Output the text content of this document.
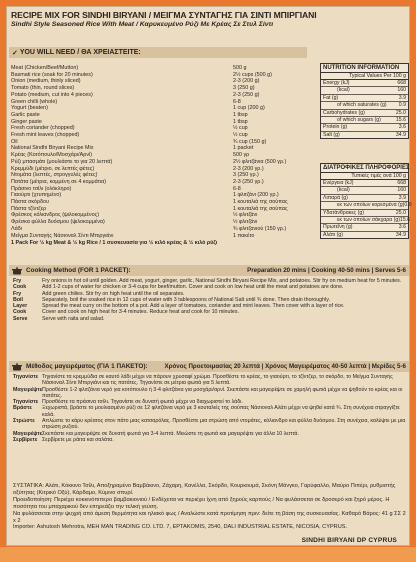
RECIPE MIX FOR SINDHI BIRYANI / ΜΕΙΓΜΑ ΣΥΝΤΑΓΗΣ ΓΙΑ ΣΙΝΤΙ ΜΠΙΡΓΙΑΝΙ
Sindhi Style Seasoned Rice With Meat / Καρυκευμένο Ρύζι Με Κρέας Σε Στυλ Σίντι
✓ YOU WILL NEED / ΘΑ ΧΡΕΙΑΣΤΕΙΤΕ:
Meat (Chicken/Beef/Mutton)	500 g
Basmati rice (soak for 20 minutes)	2½ cups (500 g)
Onion (medium, thinly sliced)	2-3 (200 g)
Tomato (thin, round slices)	3 (250 g)
Potato (medium, cut into 4 pieces)	2-3 (250 g)
Green chilli (whole)	6-8
Yogurt (beaten)	1 cup (200 g)
Garlic paste	1 tbsp
Ginger paste	1 tbsp
Fresh coriander (chopped)	½ cup
Fresh mint leaves (chopped)	½ cup
Oil	¾ cup (150 g)
National Sindhi Biryani Recipe Mix	1 packet
Κρέας (Κοτόπουλο/Μοσχάρι/Αρνί)	500 γρ
Ρύζι μπασμάτι (μουλιάστε το για 20 λεπτά)	2½ φλιτζάνια (500 γρ.)
Κρεμμύδι (μέτριο, σε λεπτές φέτες)	2-3 (200 γρ.)
Ντομάτα (λεπτές, στρογγυλές φέτες)	3 (250 γρ.)
Πατάτα (μέτρια, κομμένη σε 4 κομμάτια)	2-3 (250 γρ.)
Πράσινο τσίλι (ολόκληρο)	6-8
Γιαούρτι (χτυπημένο)	1 φλιτζάνι (200 γρ.)
Πάστα σκόρδου	1 κουταλιά της σούπας
Πάστα τζίντζερ	1 κουταλιά της σούπας
Φρέσκος κόλιανδρος (ψιλοκομμένος)	½ φλιτζάνι
Φρέσκα φύλλα δυόσμου (ψιλοκομμένα)	½ φλιτζάνι
Λάδι	¾ φλιτζανιού (150 γρ.)
Μείγμα Συνταγής Νάσιοναλ Σίντι Μπιργιάνι	1 πακέτο
1 Pack For ½ kg Meat & ½ kg Rice / 1 συσκευασία για ½ κιλό κρέας & ½ κιλό ρύζι
NUTRITION INFORMATION
Typical Values Per 100 g
Energy (kJ)	668
(kcal)	160
Fat (g)	3.9
of which saturates (g) 0.9
Carbohydrates (g)	25.0
of which sugars (g)	15.6
Protein (g)	3.6
Salt (g)	34.9
ΔΙΑΤΡΟΦΙΚΕΣ ΠΛΗΡΟΦΟΡΙΕΣ
Τυπικές τιμές ανά 100 g
Ενέργεια (kJ)	668
(kcal)	160
Λιπαρά (g)	3.9
εκ των οποίων κορεσμένα (g) 0.9
Υδατάνθρακες (g)	25.0
εκ των οποίων σάκχαρα (g) 15.6
Πρωτεΐνη (g)	3.6
Αλάτι (g)	34.9
Cooking Method (FOR 1 PACKET):	Preparation 20 mins | Cooking 40-50 mins | Serves 5-6
Fry	Fry onions in hot oil until golden. Add meat, yogurt, ginger, garlic, National Sindhi Biryani Recipe Mix, and potatoes. Stir fry on medium heat for 5 minutes.
Cook	Add 1-2 cups of water for chicken or 3-4 cups for beef/mutton. Cover and cook on low heat until the meat and potatoes are done.
Fry	Add green chilies. Stir fry on high heat until the oil separates.
Boil	Separately, boil the soaked rice in 12 cups of water with 3 tablespoons of National Salt until ¾ done. Then drain thoroughly.
Layer	Spread the meat curry on the bottom of a pot. Add a layer of tomatoes, coriander and mint leaves. Then cover with a layer of rice.
Cook	Cover and cook on high heat for 3-4 minutes. Reduce heat and cook for 10 minutes.
Serve	Serve with raita and salad.
Μέθοδος μαγειρέματος (ΓΙΑ 1 ΠΑΚΕΤΟ):	Χρόνος Προετοιμασίας 20 λεπτά | Χρόνος Μαγειρέματος 40-50 λεπτά | Μερίδες 5-6
Τηγανίστε Τηγανίστε τα κρεμμύδια σε καυτό λάδι μέχρι να πάρουν χρυσαφί χρώμα. Προσθέστε το κρέας, το γιαούρτι, το τζίντζερ, το σκόρδο, το Μείγμα Συνταγής Νάσιοναλ Σίντι Μπιργιάνι και τις πατάτες. Τηγανίστε σε μέτρια φωτιά για 5 λεπτά.
Μαγειρέψτε Προσθέστε 1-2 φλιτζάνια νερό για κοτόπουλο ή 3-4 φλιτζάνια για μοσχάρι/αρνί. Σκεπάστε και μαγειρέψτε σε χαμηλή φωτιά μέχρι να ψηθούν το κρέας και οι πατάτες.
Τηγανίστε Προσθέστε τα πράσινα τσίλι. Τηγανίστε σε δυνατή φωτιά μέχρι να διαχωριστεί το λάδι.
Βράστε	Ξεχωριστά, βράστε το μουλιασμένο ρύζι σε 12 φλιτζάνια νερό με 3 κουταλιές της σούπας Νάσιοναλ Αλάτι μέχρι να ψηθεί κατά ¾. Στη συνέχεια στραγγίξτε καλά.
Στρώστε	Απλώστε το κάρυ κρέατος στον πάτο μιας κατσαρόλας. Προσθέστε μια στρώση από ντομάτες, κόλιανδρο και φύλλα δυόσμου. Στη συνέχεια, καλύψτε με μια στρώση ρυζιού.
Μαγειρέψτε Σκεπάστε και μαγειρέψτε σε δυνατή φωτιά για 3-4 λεπτά. Μειώστε τη φωτιά και μαγειρέψτε για άλλα 10 λεπτά.
Σερβίρετε Σερβίρετε με ράιτα και σαλάτα.
ΣΥΣΤΑΤΙΚΑ: Αλάτι, Κόκκινο Τσίλι, Αποξηραμένο Βαμβάκινο, Ζάχαρη, Κανέλλα, Σκόρδο, Κουρκουμά, Σκόνη Μάνγκο, Γαρύφαλλο, Μαύρο Πιπέρι, ρυθμιστής οξύτητας (Κιτρικό Οξύ), Κάρδαμο, Κύμινο σπυρί.
Προειδοποίηση: Περιέχει κοκκινόπιπερο βαμβακιονιού / Ενδέχεται να περιέχει ίχνη από ξηρούς καρπούς / Να φυλάσσεται σε δροσερό και ξηρό μέρος. Η ποσότητα του μπαχαρικού δεν επηρεάζει την τελική γεύση.
Να φυλάσσεται στην ψυχρή από άμεση θερμότητα και ηλιακό φως / Αναλώστε κατά προτίμηση πριν: δείτε τη βάση της συσκευασίας. Καθαρό Βάρος: 41 g ΣΣ 2 x 2
Importer: Ashutosh Mehrotra, MEH MAN TRADING CO. LTD. 7, EPTAKOMIS, 2540, DALI INDUSTRIAL ESTATE, NICOSIA, CYPRUS.
SINDHI BIRYANI DP CYPRUS
